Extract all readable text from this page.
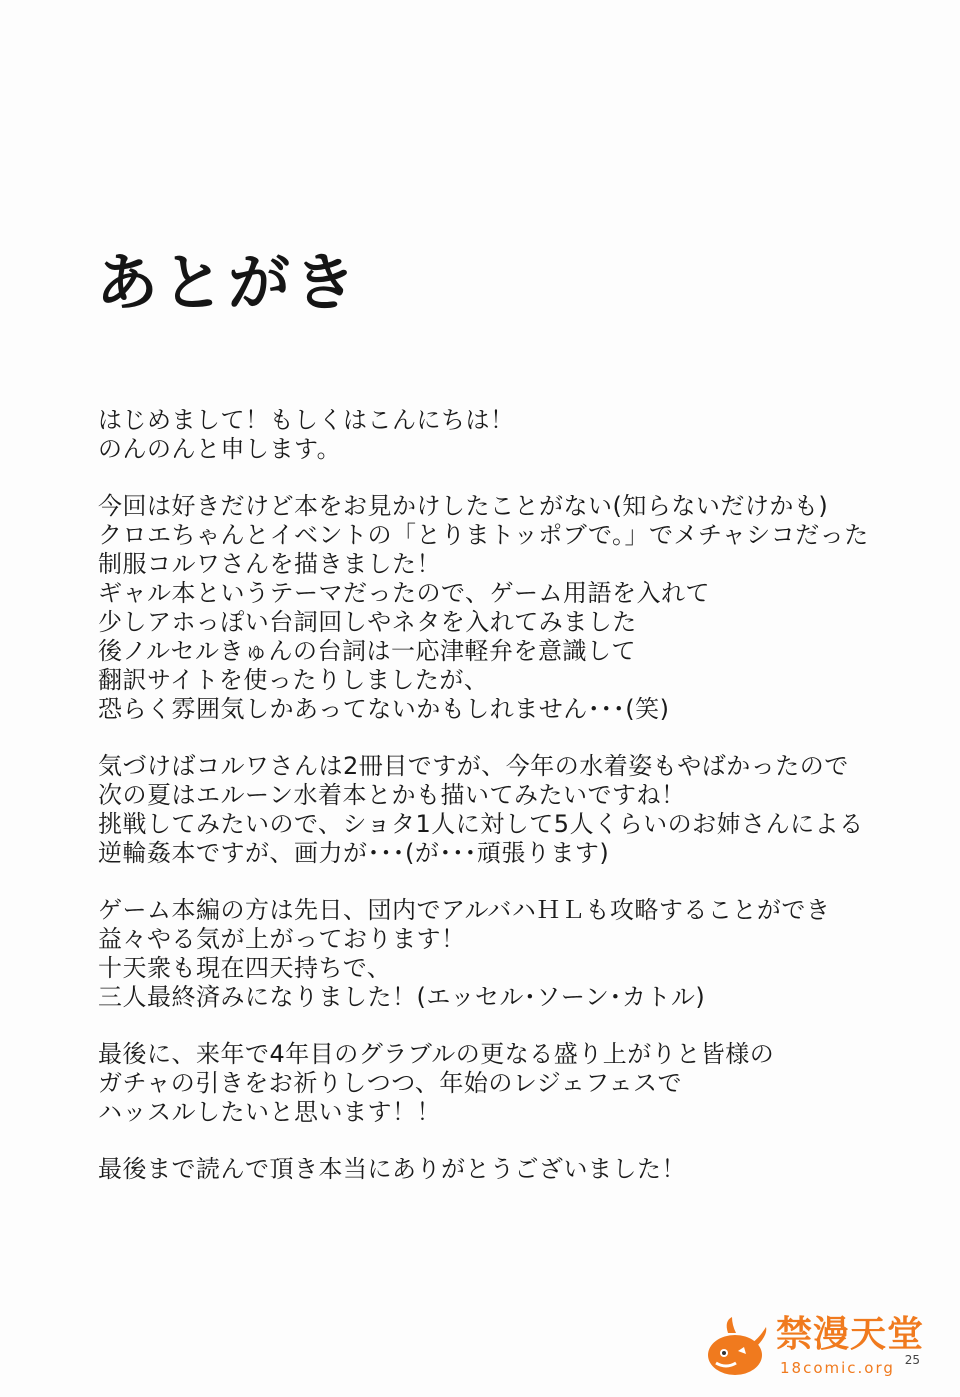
あとがき
はじめまして！もしくはこんにちは！
のんのんと申します。
今回は好きだけど本をお見かけしたことがない(知らないだけかも)
クロエちゃんとイベントの「とりまトッポブで。」でメチャシコだった
制服コルワさんを描きました！
ギャル本というテーマだったので、ゲーム用語を入れて
少しアホっぽい台詞回しやネタを入れてみました
後ノルセルきゅんの台詞は一応津軽弁を意識して
翻訳サイトを使ったりしましたが、
恐らく雰囲気しかあってないかもしれません･･･(笑)
気づけばコルワさんは2冊目ですが、今年の水着姿もやばかったので
次の夏はエルーン水着本とかも描いてみたいですね！
挑戦してみたいので、ショタ1人に対して5人くらいのお姉さんによる
逆輪姦本ですが、画力が･･･(が･･･頑張ります)
ゲーム本編の方は先日、団内でアルバハＨＬも攻略することができ
益々やる気が上がっております！
十天衆も現在四天持ちで、
三人最終済みになりました！(エッセル･ソーン･カトル)
最後に、来年で4年目のグラブルの更なる盛り上がりと皆様の
ガチャの引きをお祈りしつつ、年始のレジェフェスで
ハッスルしたいと思います！！
最後まで読んで頂き本当にありがとうございました！
禁漫天堂
18comic.org 25
